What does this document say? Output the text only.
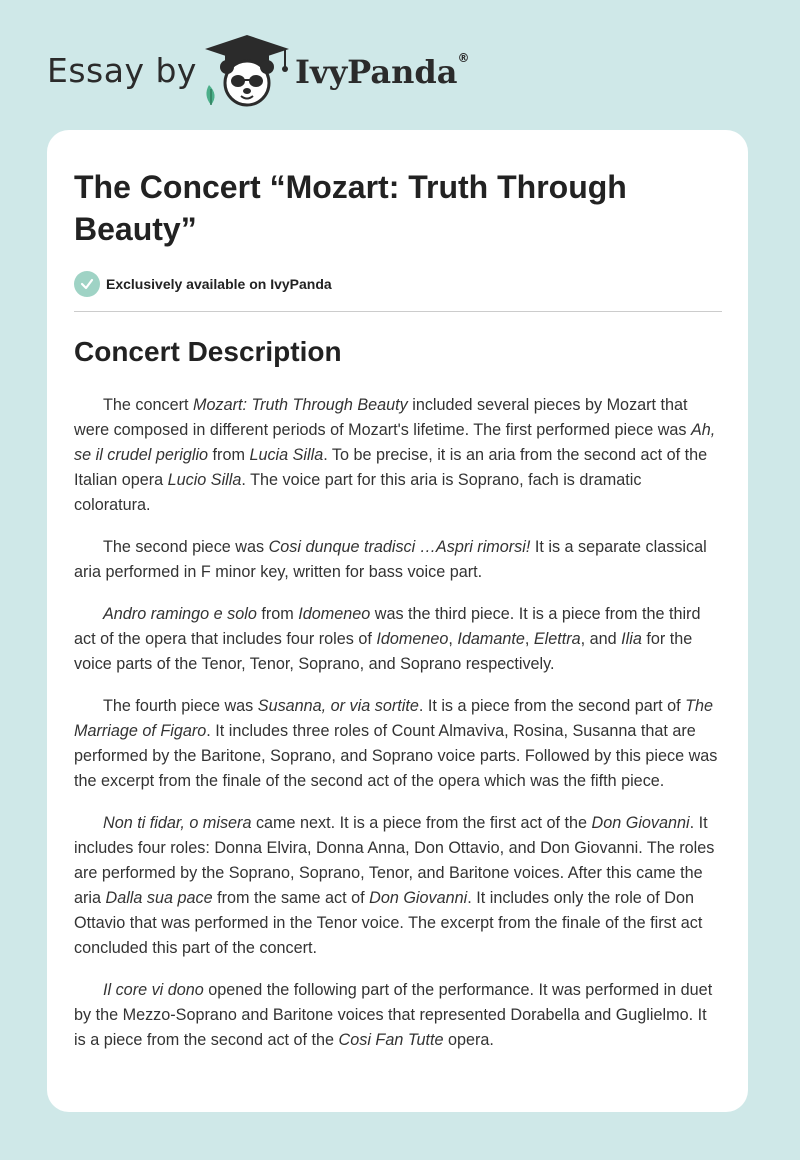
Essay by	IvyPanda®
The Concert “Mozart: Truth Through Beauty”
Exclusively available on IvyPanda
Concert Description

The concert Mozart: Truth Through Beauty included several pieces by Mozart that were composed in different periods of Mozart's lifetime. The first performed piece was Ah, se il crudel periglio from Lucia Silla. To be precise, it is an aria from the second act of the Italian opera Lucio Silla. The voice part for this aria is Soprano, fach is dramatic coloratura.

The second piece was Cosi dunque tradisci …Aspri rimorsi! It is a separate classical aria performed in F minor key, written for bass voice part.

Andro ramingo e solo from Idomeneo was the third piece. It is a piece from the third act of the opera that includes four roles of Idomeneo, Idamante, Elettra, and Ilia for the voice parts of the Tenor, Tenor, Soprano, and Soprano respectively.

The fourth piece was Susanna, or via sortite. It is a piece from the second part of The Marriage of Figaro. It includes three roles of Count Almaviva, Rosina, Susanna that are performed by the Baritone, Soprano, and Soprano voice parts. Followed by this piece was the excerpt from the finale of the second act of the opera which was the fifth piece.

Non ti fidar, o misera came next. It is a piece from the first act of the Don Giovanni. It includes four roles: Donna Elvira, Donna Anna, Don Ottavio, and Don Giovanni. The roles are performed by the Soprano, Soprano, Tenor, and Baritone voices. After this came the aria Dalla sua pace from the same act of Don Giovanni. It includes only the role of Don Ottavio that was performed in the Tenor voice. The excerpt from the finale of the first act concluded this part of the concert.

Il core vi dono opened the following part of the performance. It was performed in duet by the Mezzo-Soprano and Baritone voices that represented Dorabella and Guglielmo. It is a piece from the second act of the Cosi Fan Tutte opera.
